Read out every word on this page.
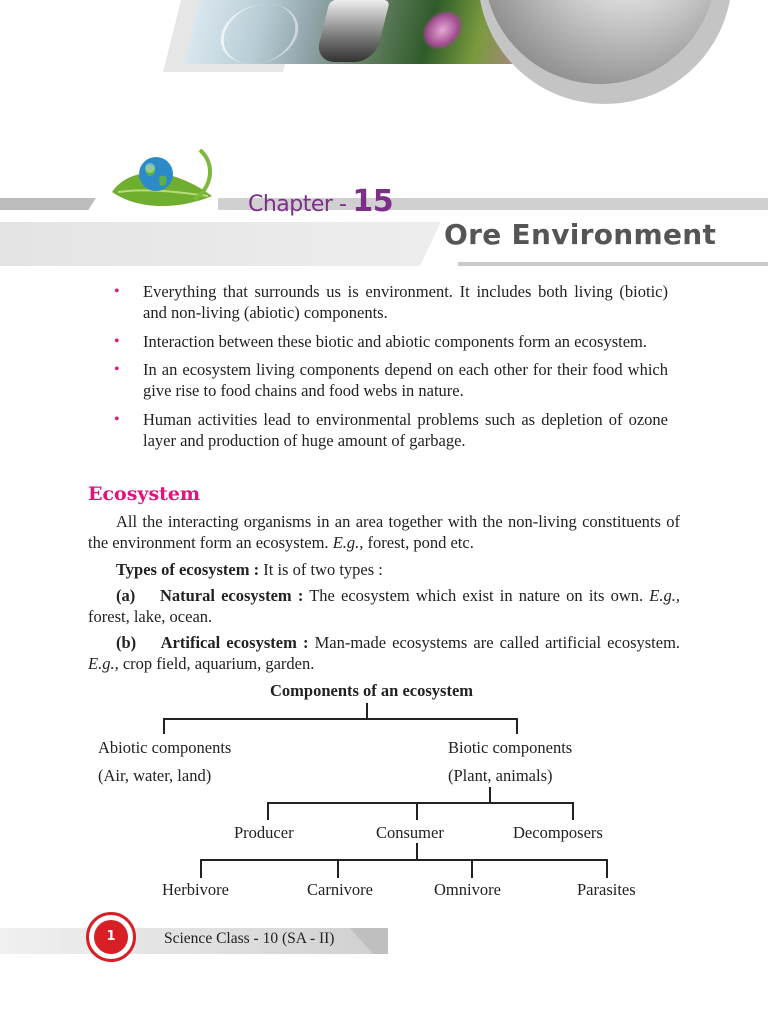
Chapter - 15
Ore Environment
• Everything that surrounds us is environment. It includes both living (biotic) and non-living (abiotic) components.
• Interaction between these biotic and abiotic components form an ecosystem.
• In an ecosystem living components depend on each other for their food which give rise to food chains and food webs in nature.
• Human activities lead to environmental problems such as depletion of ozone layer and production of huge amount of garbage.
Ecosystem
All the interacting organisms in an area together with the non-living constituents of the environment form an ecosystem. E.g., forest, pond etc.
Types of ecosystem : It is of two types :
(a) Natural ecosystem : The ecosystem which exist in nature on its own. E.g., forest, lake, ocean.
(b) Artifical ecosystem : Man-made ecosystems are called artificial ecosystem. E.g., crop field, aquarium, garden.
Components of an ecosystem
Abiotic components
(Air, water, land)
Biotic components
(Plant, animals)
Producer	Consumer	Decomposers
Herbivore	Carnivore	Omnivore	Parasites
1	Science Class - 10 (SA - II)
